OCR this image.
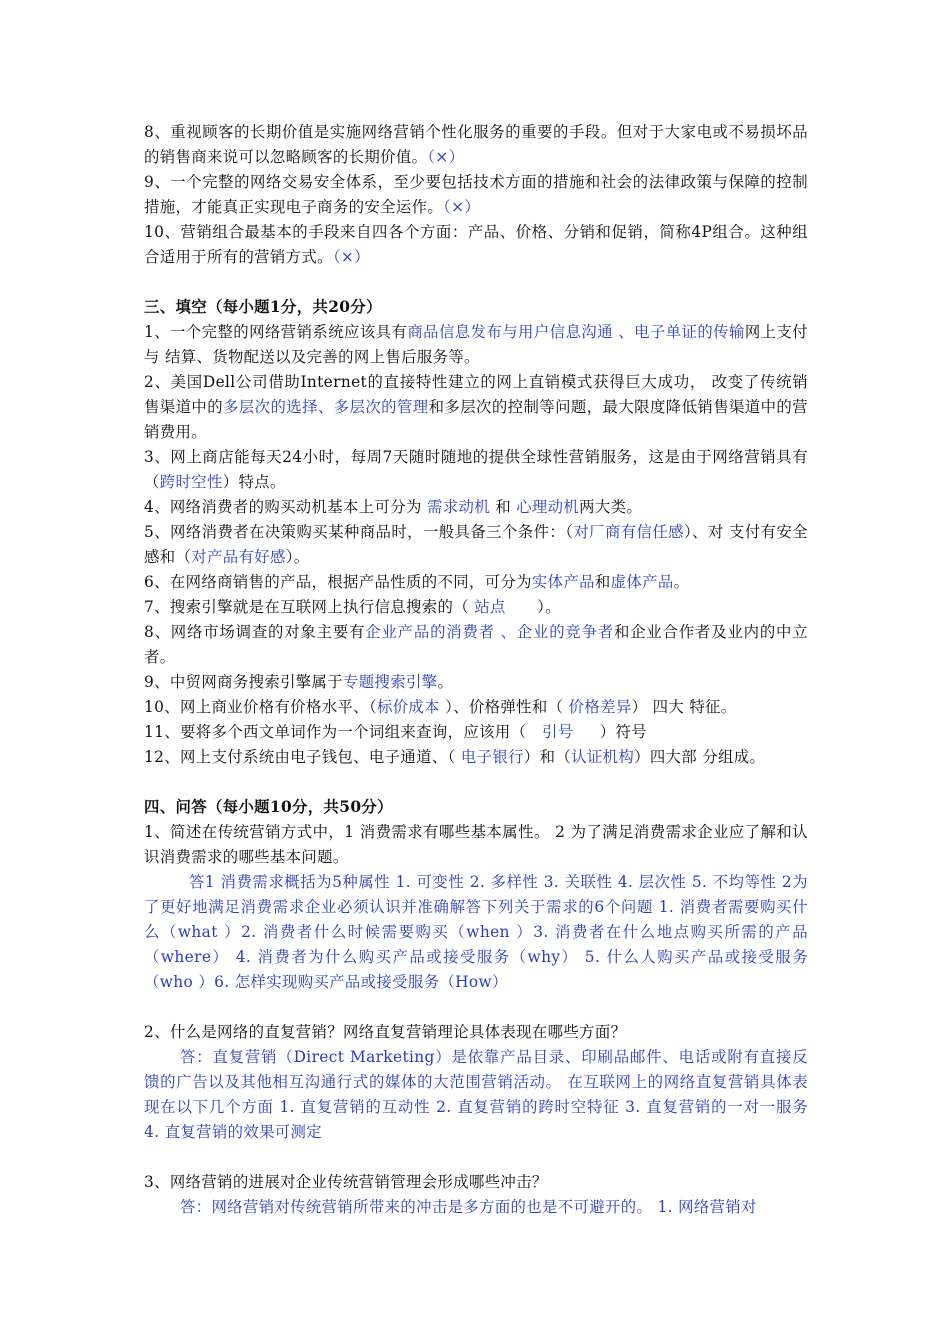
8、重视顾客的长期价值是实施网络营销个性化服务的重要的手段。但对于大家电或不易损坏品的销售商来说可以忽略顾客的长期价值。（×）

9、一个完整的网络交易安全体系，至少要包括技术方面的措施和社会的法律政策与保障的控制措施，才能真正实现电子商务的安全运作。（×）

10、营销组合最基本的手段来自四各个方面：产品、价格、分销和促销，简称4P组合。这种组合适用于所有的营销方式。（×）

三、填空（每小题1分，共20分）

1、一个完整的网络营销系统应该具有商品信息发布与用户信息沟通 、电子单证的传输网上支付与 结算、货物配送以及完善的网上售后服务等。

2、美国Dell公司借助Internet的直接特性建立的网上直销模式获得巨大成功， 改变了传统销售渠道中的多层次的选择、多层次的管理和多层次的控制等问题，最大限度降低销售渠道中的营销费用。

3、网上商店能每天24小时，每周7天随时随地的提供全球性营销服务，这是由于网络营销具有（跨时空性）特点。

4、网络消费者的购买动机基本上可分为 需求动机 和 心理动机两大类。

5、网络消费者在决策购买某种商品时，一般具备三个条件：（对厂商有信任感）、对 支付有安全感和（对产品有好感）。

6、在网络商销售的产品，根据产品性质的不同，可分为实体产品和虚体产品。

7、搜索引擎就是在互联网上执行信息搜索的（ 站点      ）。

8、网络市场调查的对象主要有企业产品的消费者 、企业的竞争者和企业合作者及业内的中立者。

9、中贸网商务搜索引擎属于专题搜索引擎。

10、网上商业价格有价格水平、（标价成本 ）、价格弹性和（ 价格差异） 四大 特征。

11、要将多个西文单词作为一个词组来查询，应该用（   引号     ）符号

12、网上支付系统由电子钱包、电子通道、（ 电子银行）和（认证机构）四大部 分组成。

四、问答（每小题10分，共50分）

1、简述在传统营销方式中，1 消费需求有哪些基本属性。 2 为了满足消费需求企业应了解和认识消费需求的哪些基本问题。

答1 消费需求概括为5种属性 1. 可变性 2. 多样性 3. 关联性 4. 层次性 5. 不均等性 2为了更好地满足消费需求企业必须认识并准确解答下列关于需求的6个问题 1. 消费者需要购买什么（what ）2. 消费者什么时候需要购买（when ）3. 消费者在什么地点购买所需的产品（where） 4. 消费者为什么购买产品或接受服务（why） 5. 什么人购买产品或接受服务（who ）6. 怎样实现购买产品或接受服务（How）

2、什么是网络的直复营销？网络直复营销理论具体表现在哪些方面？

答：直复营销（Direct Marketing）是依靠产品目录、印刷品邮件、电话或附有直接反馈的广告以及其他相互沟通行式的媒体的大范围营销活动。 在互联网上的网络直复营销具体表现在以下几个方面 1. 直复营销的互动性 2. 直复营销的跨时空特征 3. 直复营销的一对一服务 4. 直复营销的效果可测定

3、网络营销的进展对企业传统营销管理会形成哪些冲击？

答：网络营销对传统营销所带来的冲击是多方面的也是不可避开的。 1. 网络营销对
